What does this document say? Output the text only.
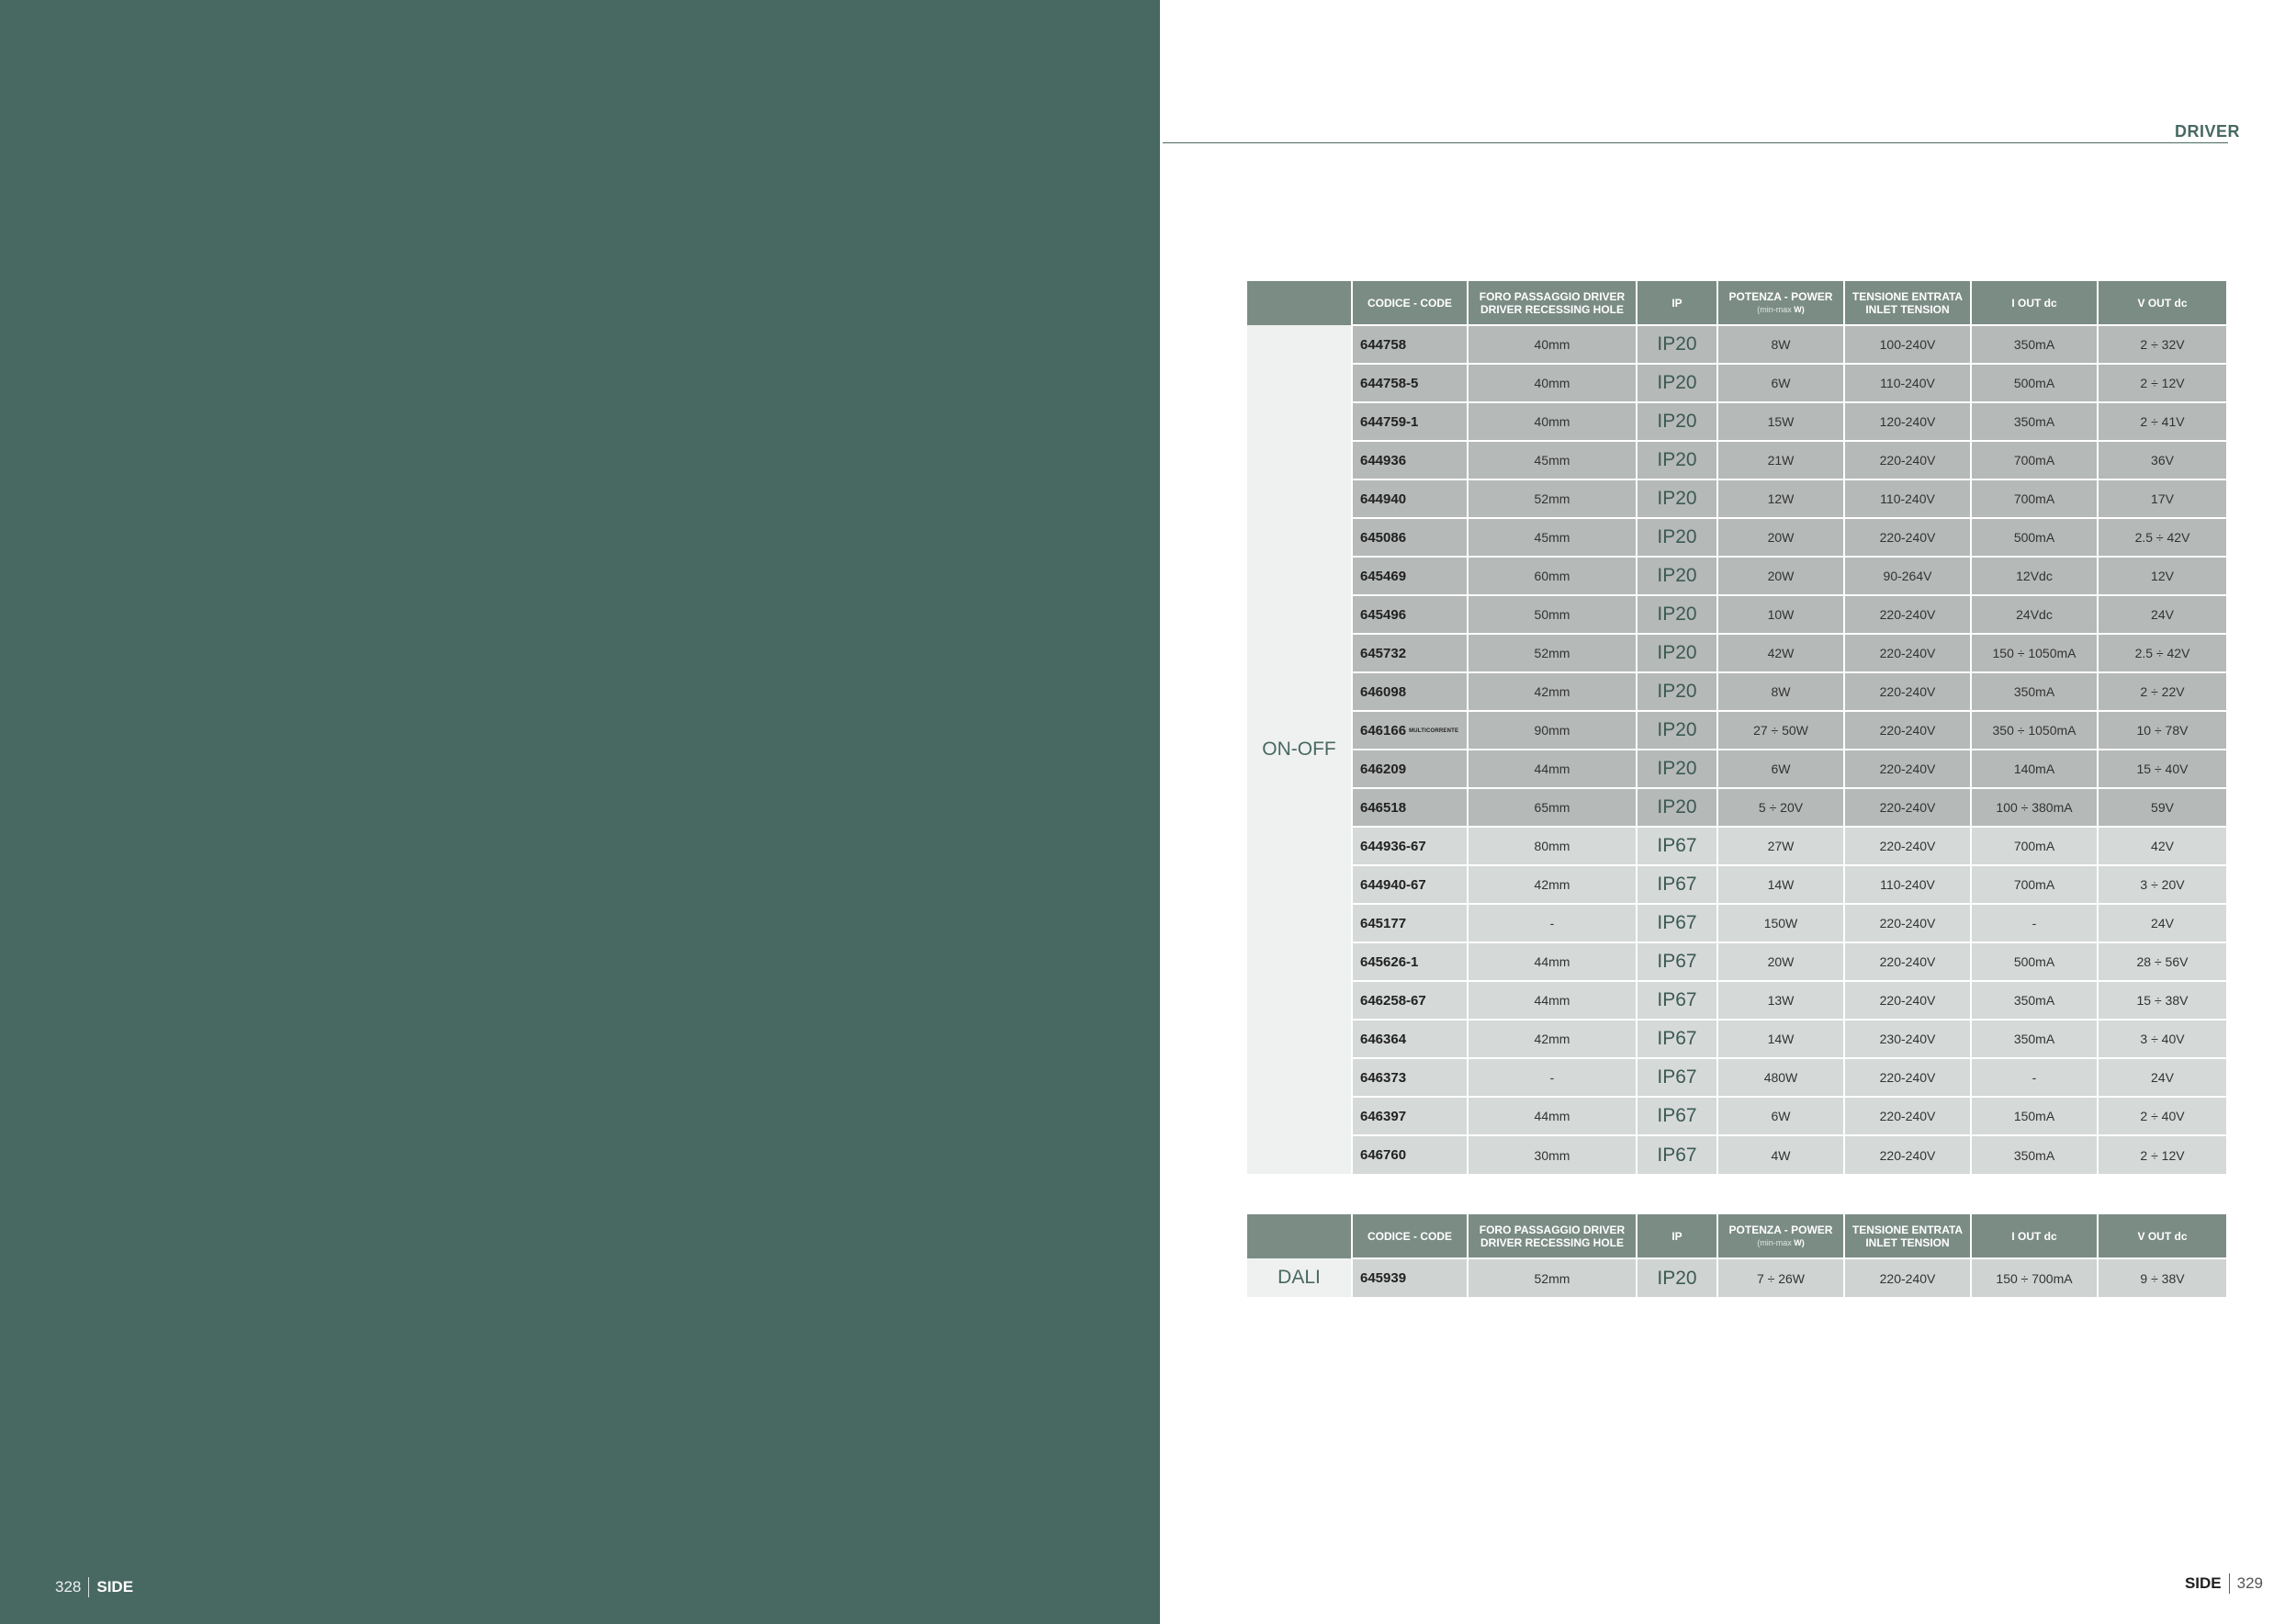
DRIVER
	CODICE - CODE	FORO PASSAGGIO DRIVER
DRIVER RECESSING HOLE	IP	POTENZA - POWER
(min-max W)	TENSIONE ENTRATA
INLET TENSION	I OUT dc	V OUT dc
ON-OFF	644758	40mm	IP20	8W	100-240V	350mA	2 ÷ 32V
	644758-5	40mm	IP20	6W	110-240V	500mA	2 ÷ 12V
	644759-1	40mm	IP20	15W	120-240V	350mA	2 ÷ 41V
	644936	45mm	IP20	21W	220-240V	700mA	36V
	644940	52mm	IP20	12W	110-240V	700mA	17V
	645086	45mm	IP20	20W	220-240V	500mA	2.5 ÷ 42V
	645469	60mm	IP20	20W	90-264V	12Vdc	12V
	645496	50mm	IP20	10W	220-240V	24Vdc	24V
	645732	52mm	IP20	42W	220-240V	150 ÷ 1050mA	2.5 ÷ 42V
	646098	42mm	IP20	8W	220-240V	350mA	2 ÷ 22V
	646166 MULTICORRENTE	90mm	IP20	27 ÷ 50W	220-240V	350 ÷ 1050mA	10 ÷ 78V
	646209	44mm	IP20	6W	220-240V	140mA	15 ÷ 40V
	646518	65mm	IP20	5 ÷ 20V	220-240V	100 ÷ 380mA	59V
	644936-67	80mm	IP67	27W	220-240V	700mA	42V
	644940-67	42mm	IP67	14W	110-240V	700mA	3 ÷ 20V
	645177	-	IP67	150W	220-240V	-	24V
	645626-1	44mm	IP67	20W	220-240V	500mA	28 ÷ 56V
	646258-67	44mm	IP67	13W	220-240V	350mA	15 ÷ 38V
	646364	42mm	IP67	14W	230-240V	350mA	3 ÷ 40V
	646373	-	IP67	480W	220-240V	-	24V
	646397	44mm	IP67	6W	220-240V	150mA	2 ÷ 40V
	646760	30mm	IP67	4W	220-240V	350mA	2 ÷ 12V
	CODICE - CODE	FORO PASSAGGIO DRIVER
DRIVER RECESSING HOLE	IP	POTENZA - POWER
(min-max W)	TENSIONE ENTRATA
INLET TENSION	I OUT dc	V OUT dc
DALI	645939	52mm	IP20	7 ÷ 26W	220-240V	150 ÷ 700mA	9 ÷ 38V
328 SIDE	SIDE 329
